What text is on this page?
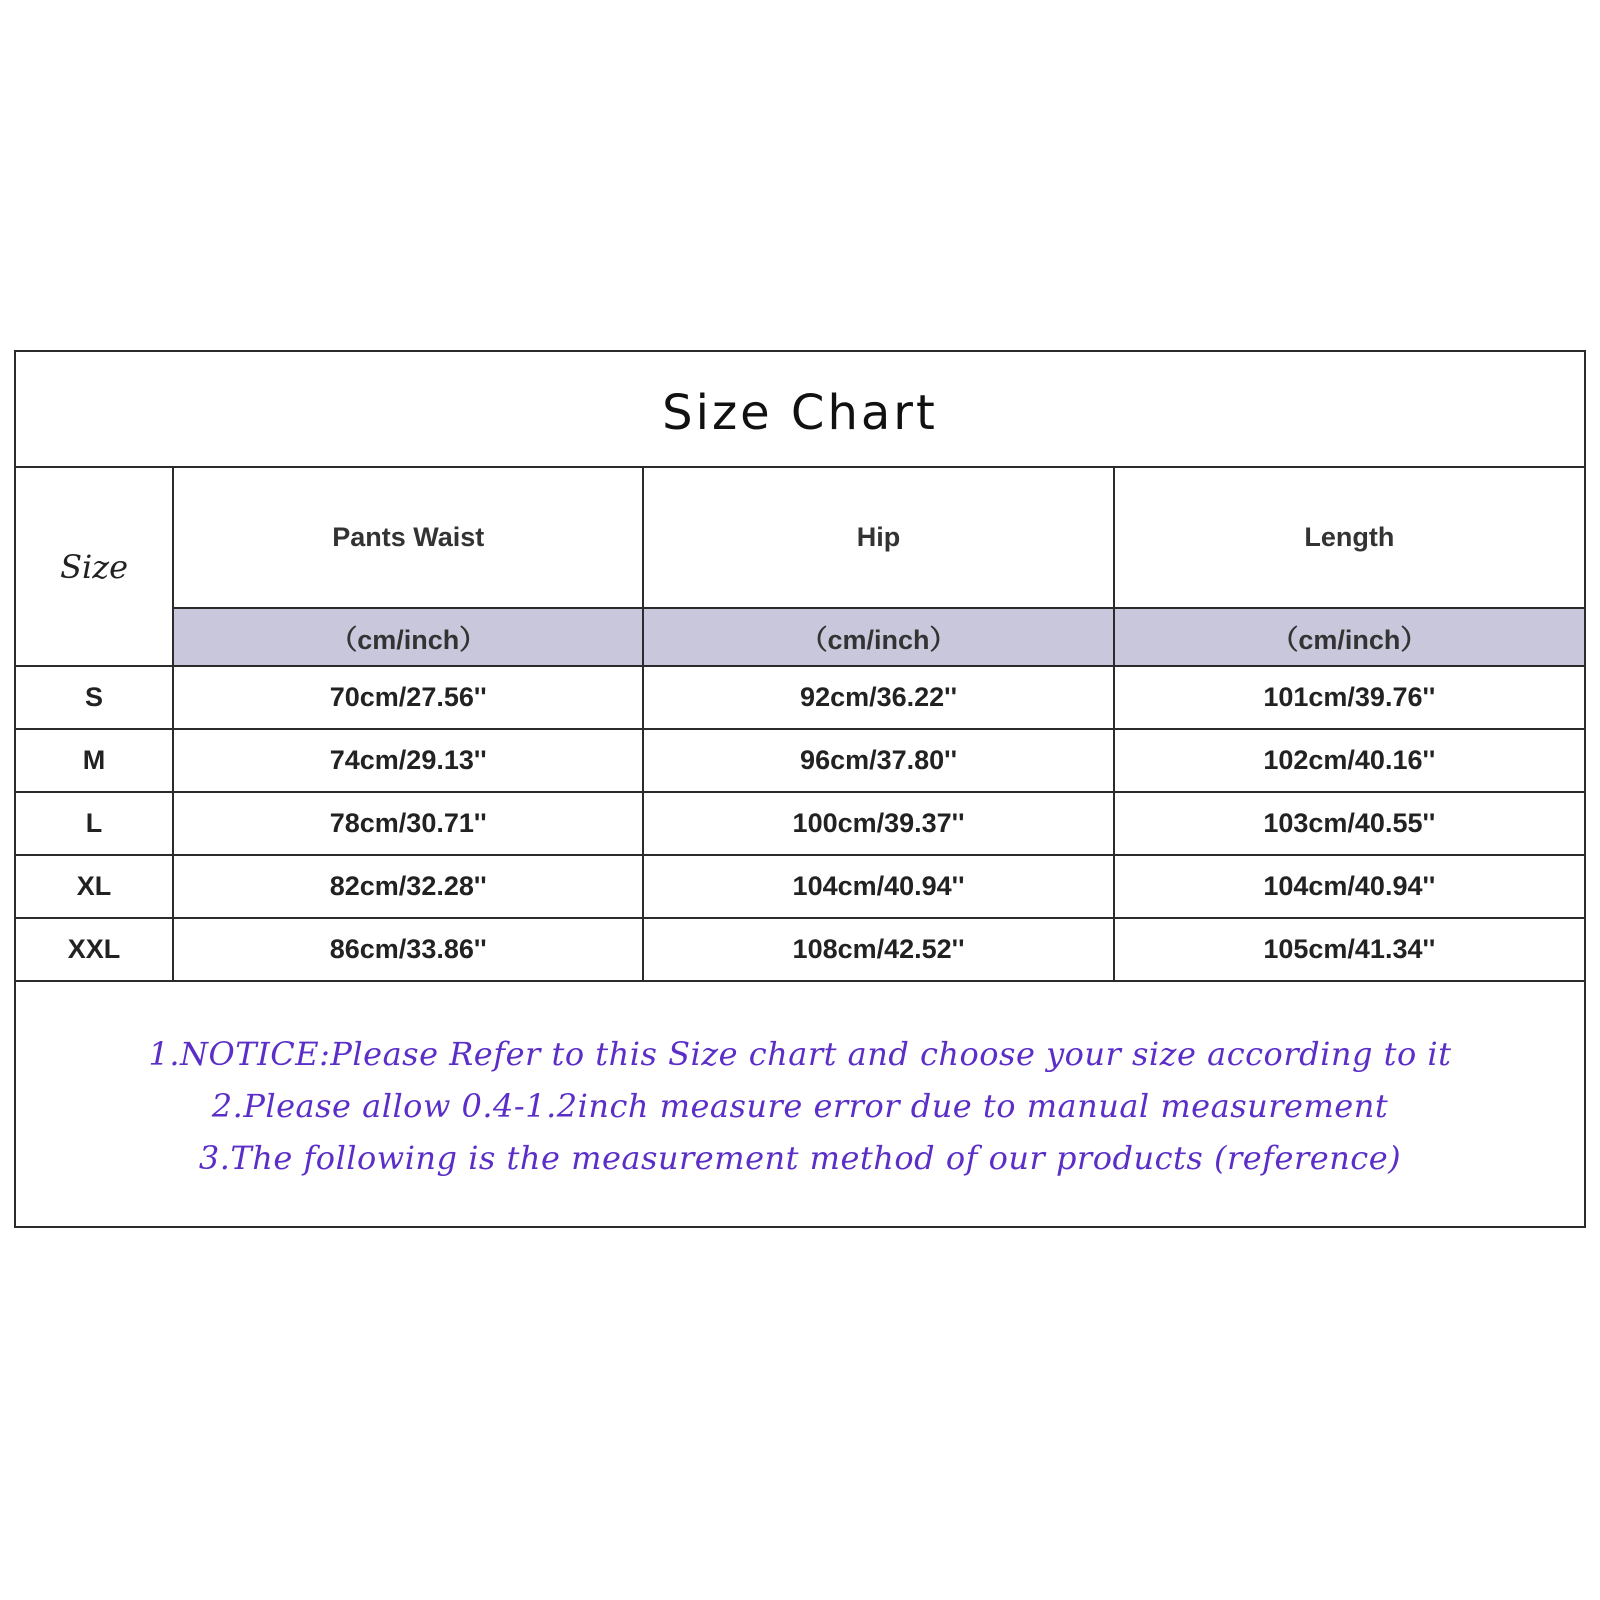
Size Chart
Size	Pants Waist	Hip	Length
	（cm/inch）	（cm/inch）	（cm/inch）
S	70cm/27.56''	92cm/36.22''	101cm/39.76''
M	74cm/29.13''	96cm/37.80''	102cm/40.16''
L	78cm/30.71''	100cm/39.37''	103cm/40.55''
XL	82cm/32.28''	104cm/40.94''	104cm/40.94''
XXL	86cm/33.86''	108cm/42.52''	105cm/41.34''
1.NOTICE:Please Refer to this Size chart and choose your size according to it
2.Please allow 0.4-1.2inch measure error due to manual measurement
3.The following is the measurement method of our products (reference)
